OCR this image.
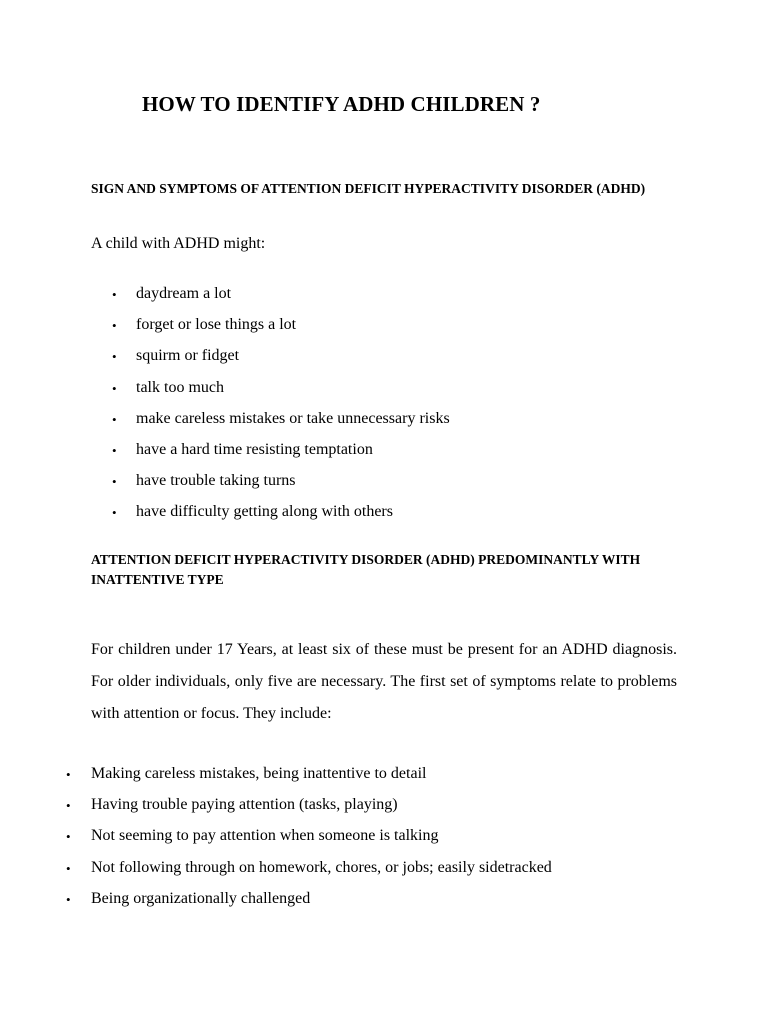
HOW TO IDENTIFY ADHD CHILDREN ?
SIGN AND SYMPTOMS OF ATTENTION DEFICIT HYPERACTIVITY DISORDER (ADHD)

A child with ADHD might:

• daydream a lot
• forget or lose things a lot
• squirm or fidget
• talk too much
• make careless mistakes or take unnecessary risks
• have a hard time resisting temptation
• have trouble taking turns
• have difficulty getting along with others
ATTENTION DEFICIT HYPERACTIVITY DISORDER (ADHD) PREDOMINANTLY WITH INATTENTIVE TYPE

For children under 17 Years, at least six of these must be present for an ADHD diagnosis. For older individuals, only five are necessary. The first set of symptoms relate to problems with attention or focus. They include:

• Making careless mistakes, being inattentive to detail
• Having trouble paying attention (tasks, playing)
• Not seeming to pay attention when someone is talking
• Not following through on homework, chores, or jobs; easily sidetracked
• Being organizationally challenged
